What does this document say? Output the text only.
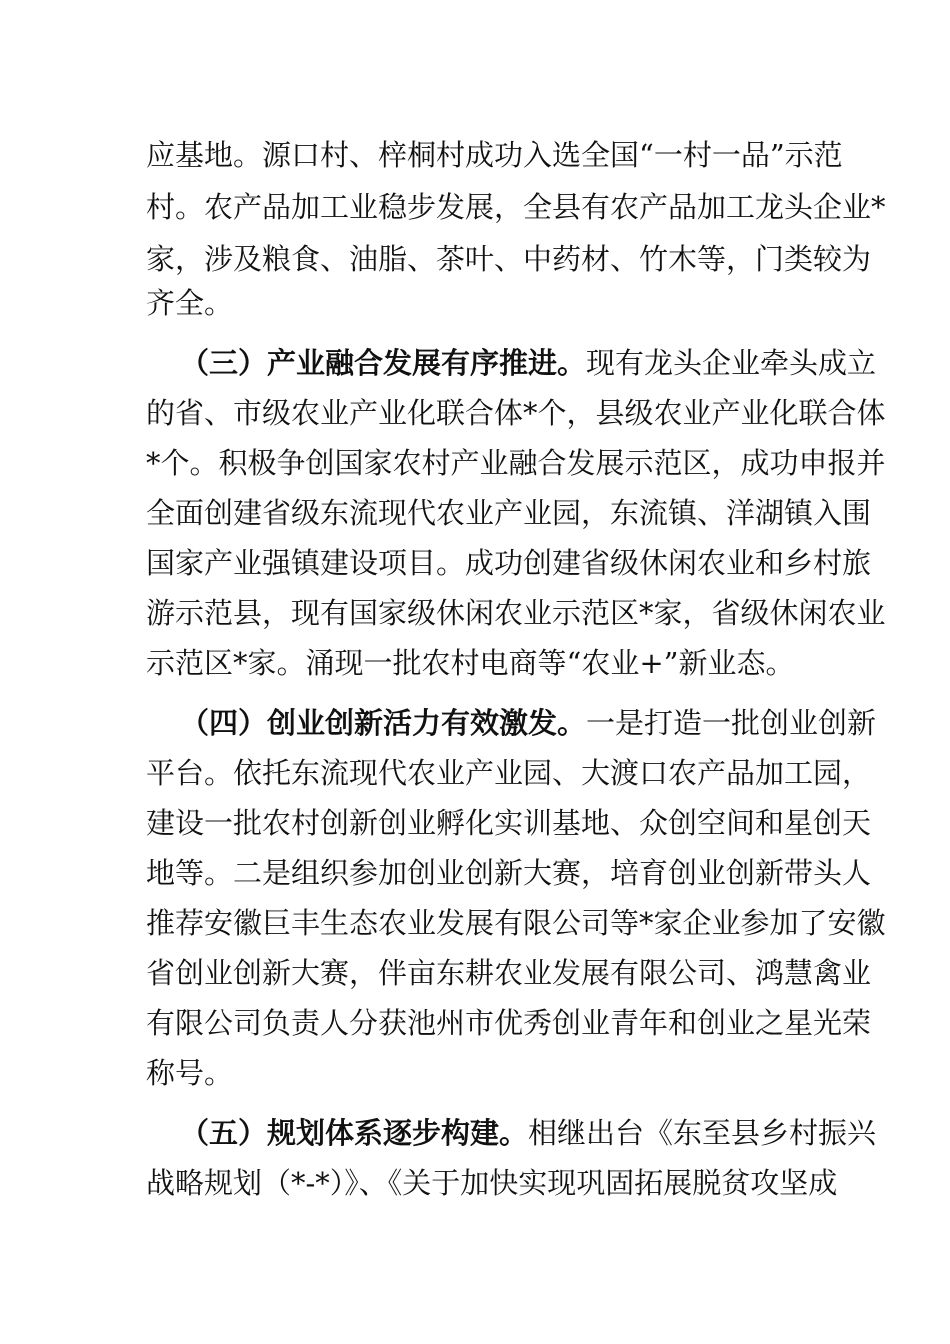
应基地。源口村、梓桐村成功入选全国“一村一品”示范
村。农产品加工业稳步发展，全县有农产品加工龙头企业*
家，涉及粮食、油脂、茶叶、中药材、竹木等，门类较为
齐全。
（三）产业融合发展有序推进。现有龙头企业牵头成立
的省、市级农业产业化联合体*个，县级农业产业化联合体
*个。积极争创国家农村产业融合发展示范区，成功申报并
全面创建省级东流现代农业产业园，东流镇、洋湖镇入围
国家产业强镇建设项目。成功创建省级休闲农业和乡村旅
游示范县，现有国家级休闲农业示范区*家，省级休闲农业
示范区*家。涌现一批农村电商等“农业+”新业态。
（四）创业创新活力有效激发。一是打造一批创业创新
平台。依托东流现代农业产业园、大渡口农产品加工园，
建设一批农村创新创业孵化实训基地、众创空间和星创天
地等。二是组织参加创业创新大赛，培育创业创新带头人
推荐安徽巨丰生态农业发展有限公司等*家企业参加了安徽
省创业创新大赛，伴亩东耕农业发展有限公司、鸿慧禽业
有限公司负责人分获池州市优秀创业青年和创业之星光荣
称号。
（五）规划体系逐步构建。相继出台《东至县乡村振兴
战略规划（*-*）》、《关于加快实现巩固拓展脱贫攻坚成
